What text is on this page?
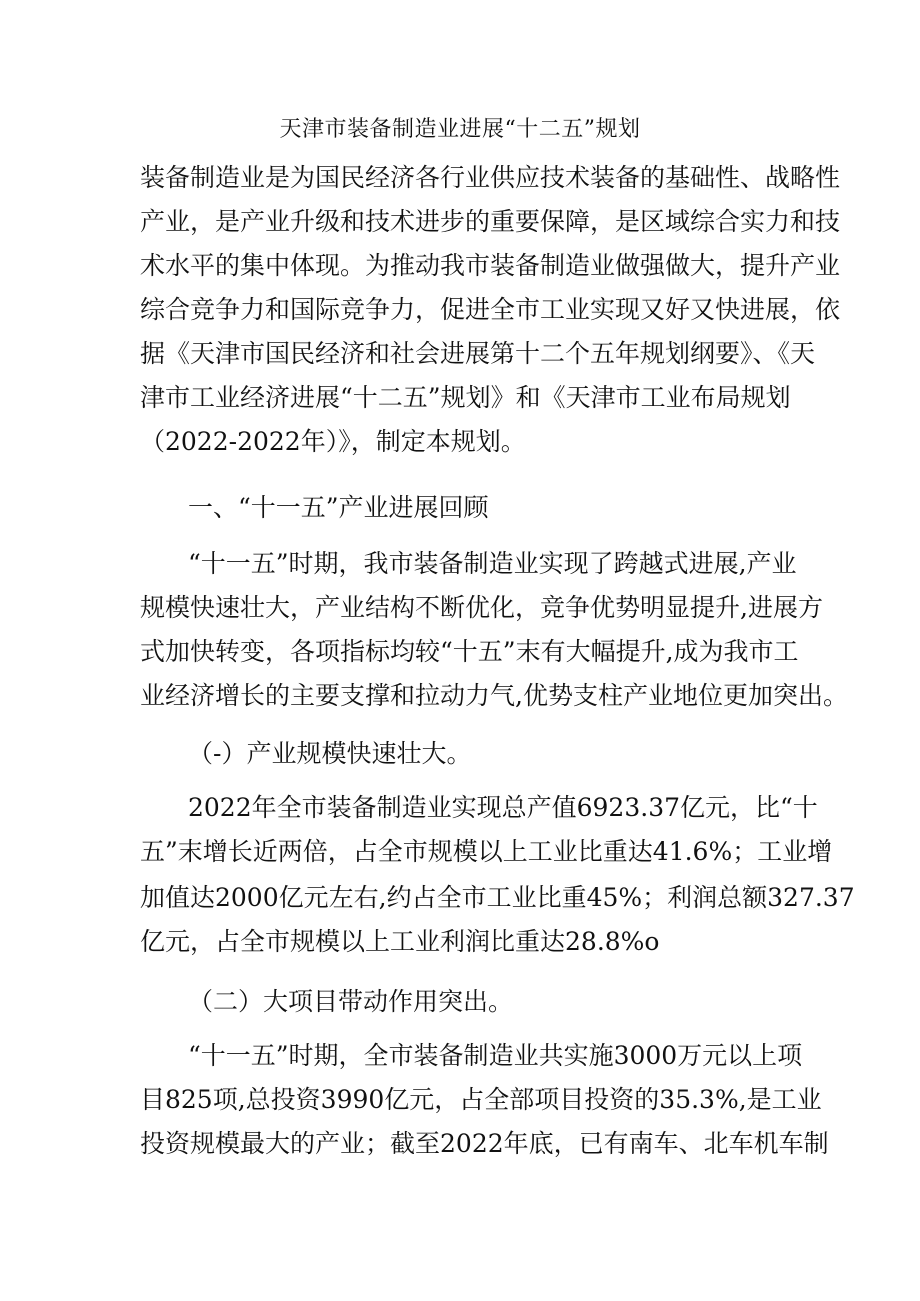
天津市装备制造业进展“十二五”规划
装备制造业是为国民经济各行业供应技术装备的基础性、战略性
产业，是产业升级和技术进步的重要保障，是区域综合实力和技
术水平的集中体现。为推动我市装备制造业做强做大，提升产业
综合竞争力和国际竞争力，促进全市工业实现又好又快进展，依
据《天津市国民经济和社会进展第十二个五年规划纲要》、《天
津市工业经济进展“十二五”规划》和《天津市工业布局规划
（2022-2022年）》，制定本规划。
一、“十一五”产业进展回顾
“十一五”时期，我市装备制造业实现了跨越式进展,产业
规模快速壮大，产业结构不断优化，竞争优势明显提升,进展方
式加快转变，各项指标均较“十五”末有大幅提升,成为我市工
业经济增长的主要支撑和拉动力气,优势支柱产业地位更加突出。
（-）产业规模快速壮大。
2022年全市装备制造业实现总产值6923.37亿元，比“十
五”末增长近两倍，占全市规模以上工业比重达41.6%；工业增
加值达2000亿元左右,约占全市工业比重45%；利润总额327.37
亿元，占全市规模以上工业利润比重达28.8%o
（二）大项目带动作用突出。
“十一五”时期，全市装备制造业共实施3000万元以上项
目825项,总投资3990亿元，占全部项目投资的35.3%,是工业
投资规模最大的产业；截至2022年底，已有南车、北车机车制
